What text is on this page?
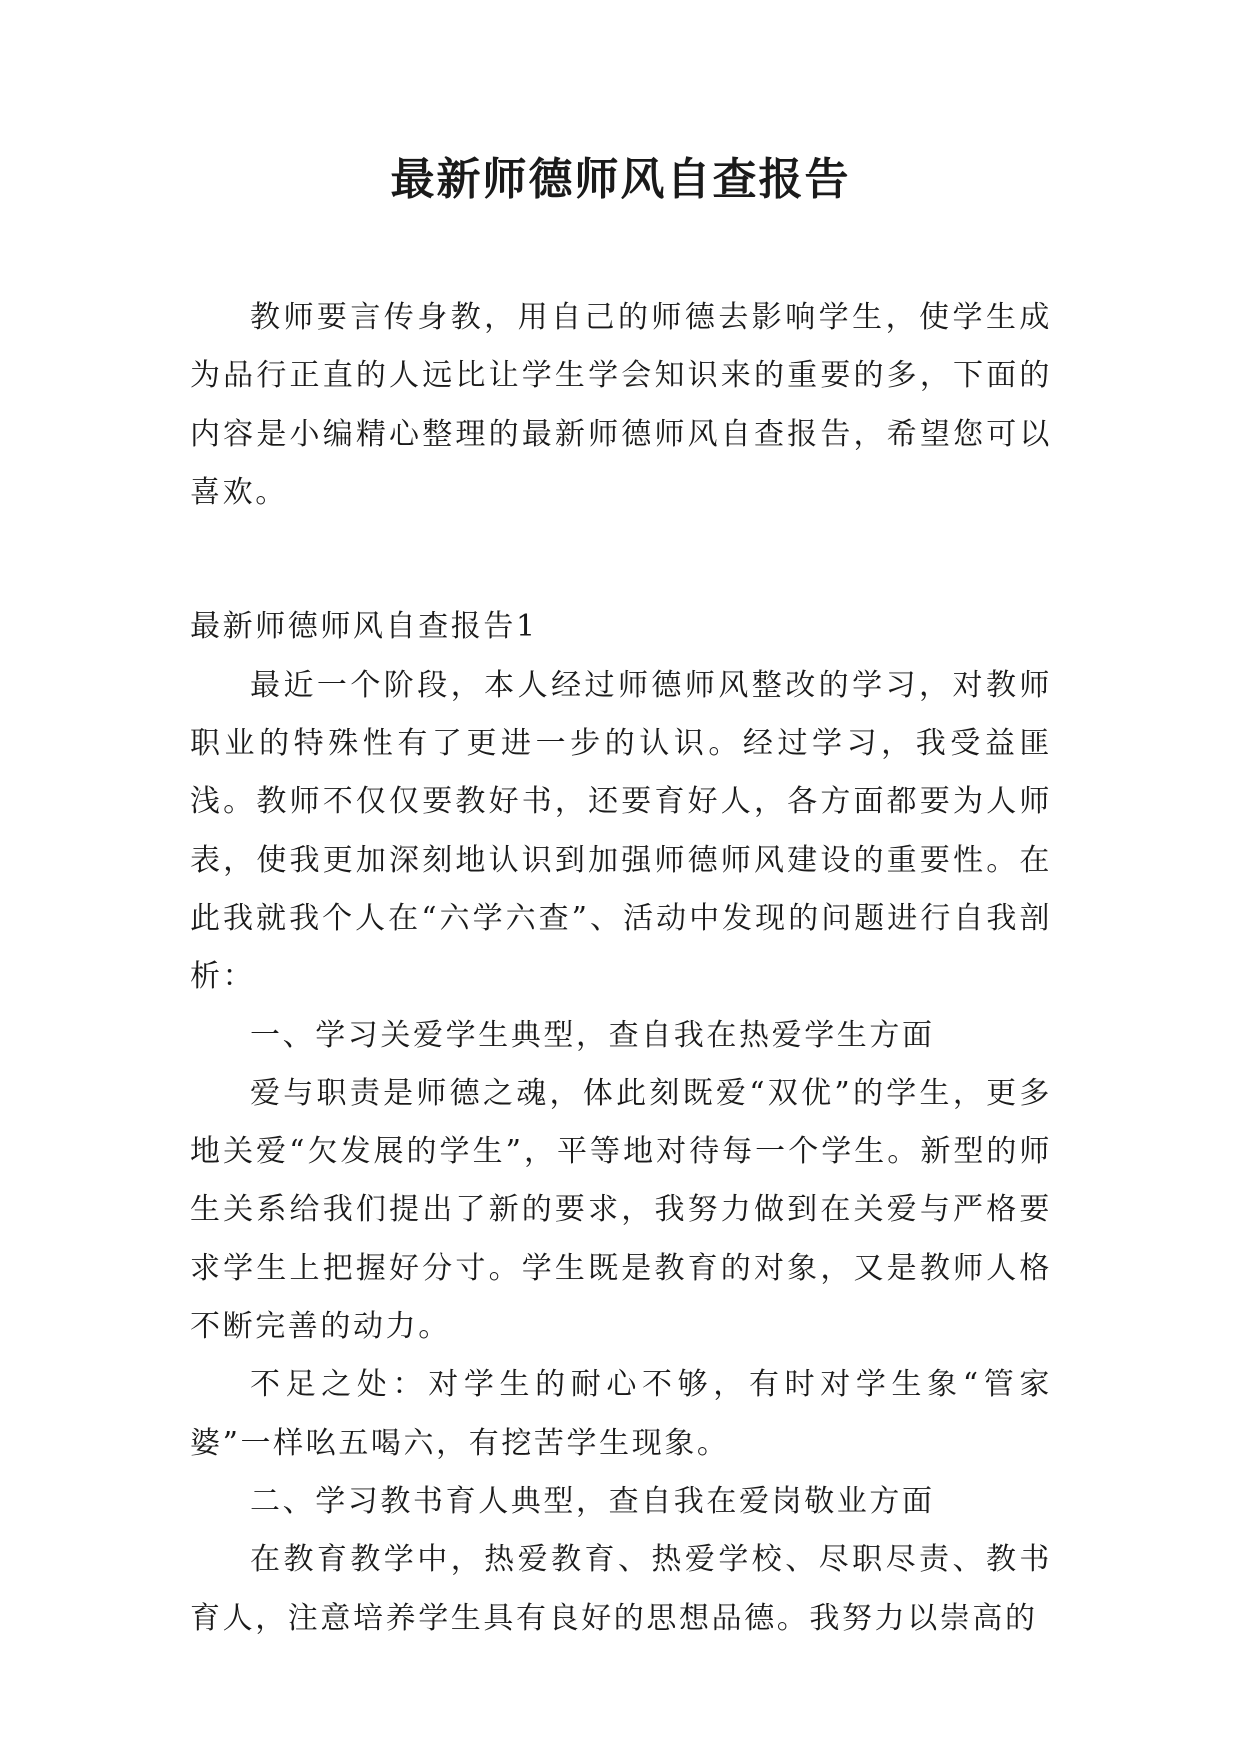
最新师德师风自查报告

教师要言传身教，用自己的师德去影响学生，使学生成为品行正直的人远比让学生学会知识来的重要的多，下面的内容是小编精心整理的最新师德师风自查报告，希望您可以喜欢。

最新师德师风自查报告1

最近一个阶段，本人经过师德师风整改的学习，对教师职业的特殊性有了更进一步的认识。经过学习，我受益匪浅。教师不仅仅要教好书，还要育好人，各方面都要为人师表，使我更加深刻地认识到加强师德师风建设的重要性。在此我就我个人在“六学六查”、活动中发现的问题进行自我剖析：

一、学习关爱学生典型，查自我在热爱学生方面

爱与职责是师德之魂，体此刻既爱“双优”的学生，更多地关爱“欠发展的学生”，平等地对待每一个学生。新型的师生关系给我们提出了新的要求，我努力做到在关爱与严格要求学生上把握好分寸。学生既是教育的对象，又是教师人格不断完善的动力。

不足之处：对学生的耐心不够，有时对学生象“管家婆”一样吆五喝六，有挖苦学生现象。

二、学习教书育人典型，查自我在爱岗敬业方面

在教育教学中，热爱教育、热爱学校、尽职尽责、教书育人，注意培养学生具有良好的思想品德。我努力以崇高的
